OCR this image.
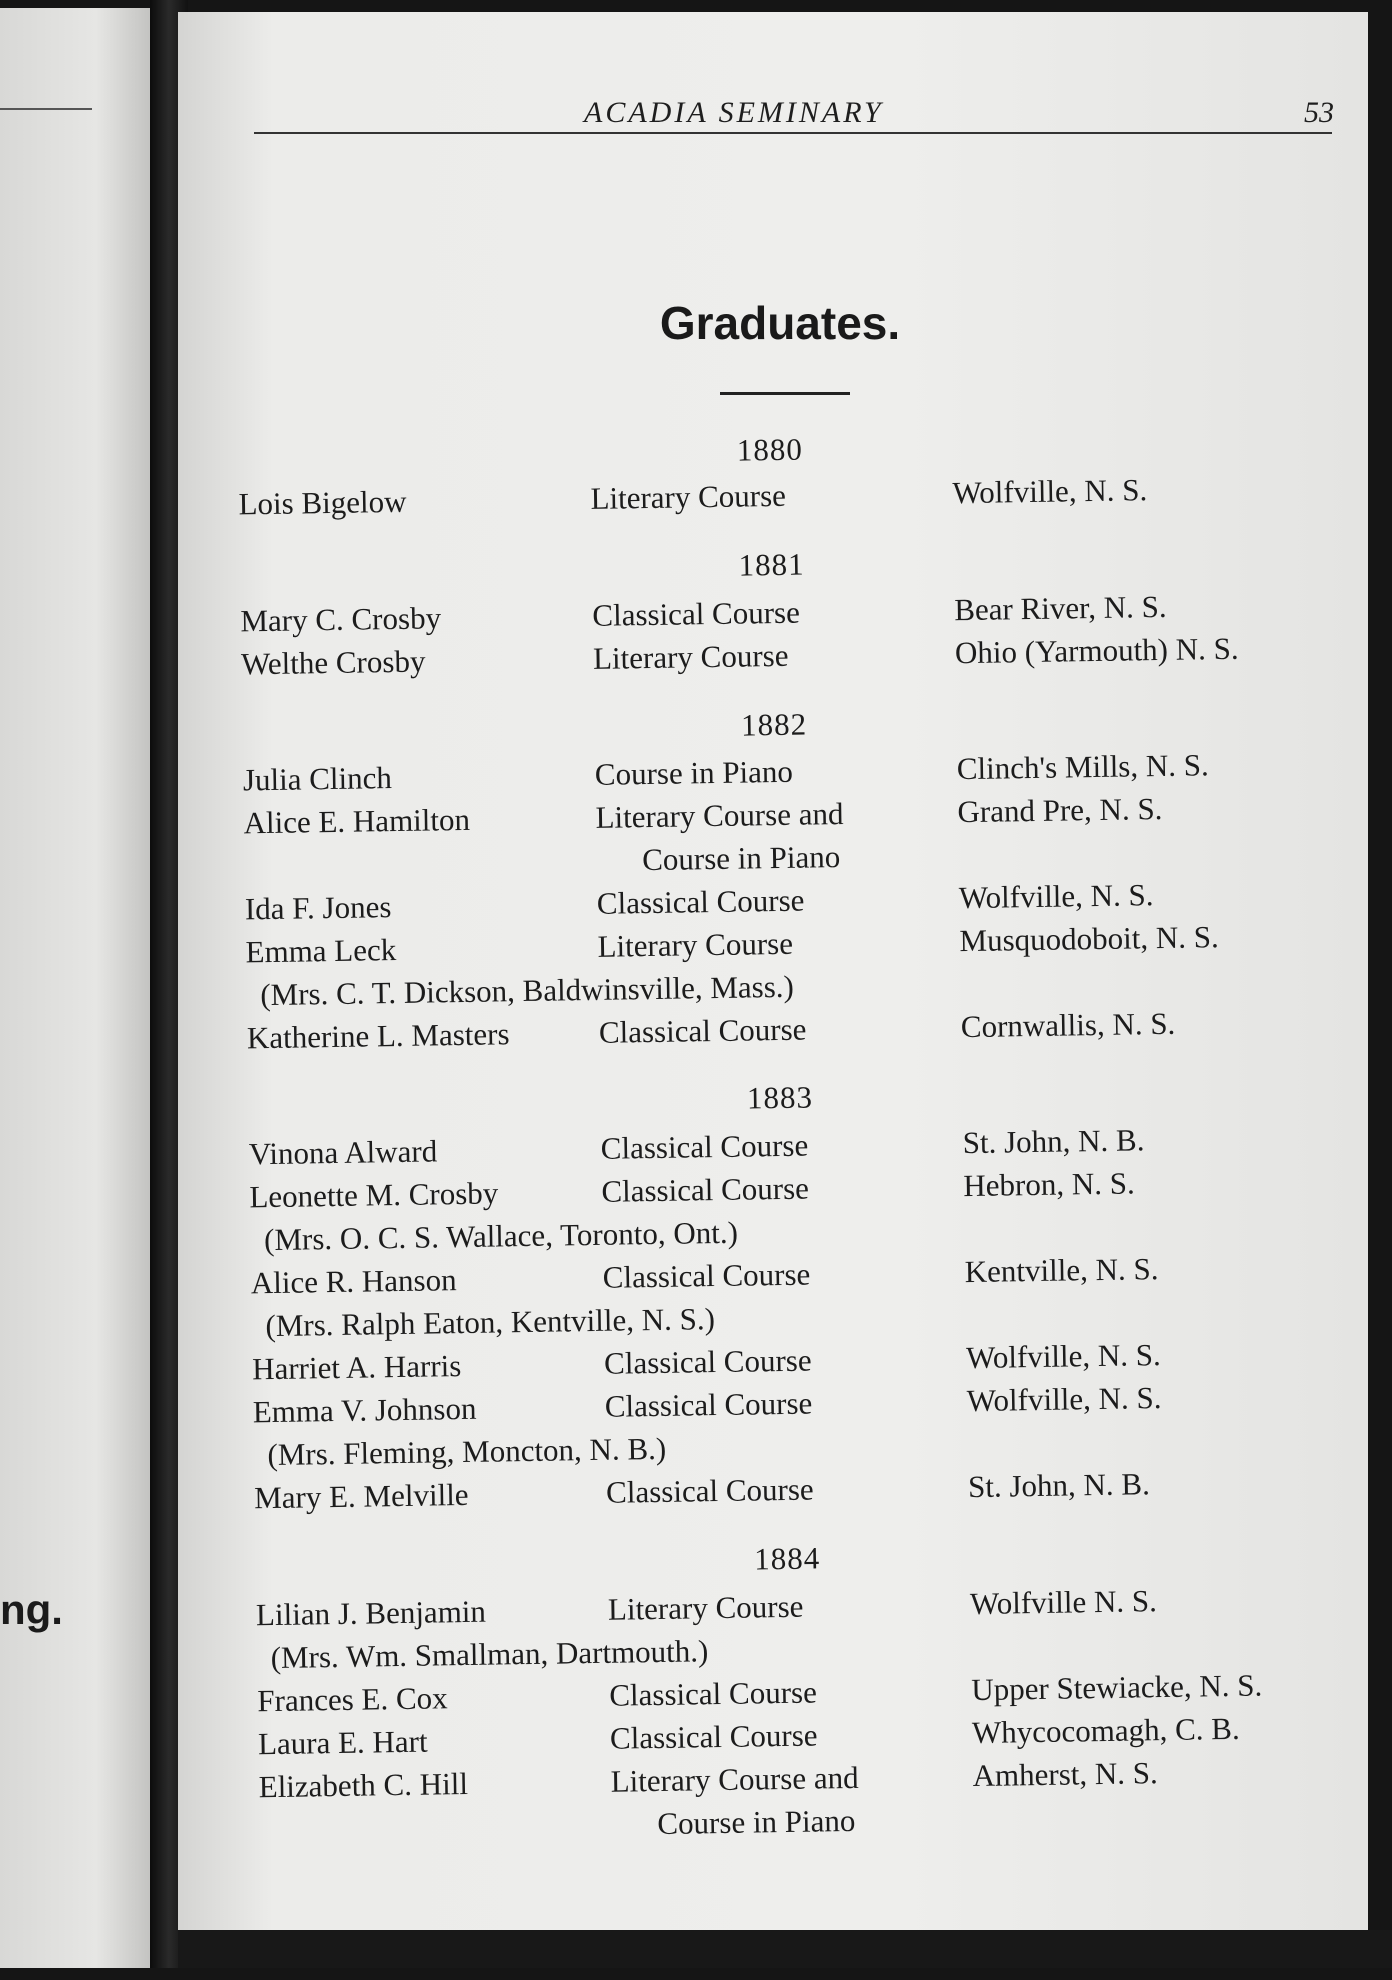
ng.
ACADIA SEMINARY	53
Graduates.
1880
Lois Bigelow	Literary Course	Wolfville, N. S.
1881
Mary C. Crosby	Classical Course	Bear River, N. S.
Welthe Crosby	Literary Course	Ohio (Yarmouth) N. S.
1882
Julia Clinch	Course in Piano	Clinch's Mills, N. S.
Alice E. Hamilton	Literary Course and	Grand Pre, N. S.
Course in Piano
Ida F. Jones	Classical Course	Wolfville, N. S.
Emma Leck	Literary Course	Musquodoboit, N. S.
(Mrs. C. T. Dickson, Baldwinsville, Mass.)
Katherine L. Masters	Classical Course	Cornwallis, N. S.
1883
Vinona Alward	Classical Course	St. John, N. B.
Leonette M. Crosby	Classical Course	Hebron, N. S.
(Mrs. O. C. S. Wallace, Toronto, Ont.)
Alice R. Hanson	Classical Course	Kentville, N. S.
(Mrs. Ralph Eaton, Kentville, N. S.)
Harriet A. Harris	Classical Course	Wolfville, N. S.
Emma V. Johnson	Classical Course	Wolfville, N. S.
(Mrs. Fleming, Moncton, N. B.)
Mary E. Melville	Classical Course	St. John, N. B.
1884
Lilian J. Benjamin	Literary Course	Wolfville N. S.
(Mrs. Wm. Smallman, Dartmouth.)
Frances E. Cox	Classical Course	Upper Stewiacke, N. S.
Laura E. Hart	Classical Course	Whycocomagh, C. B.
Elizabeth C. Hill	Literary Course and	Amherst, N. S.
Course in Piano
